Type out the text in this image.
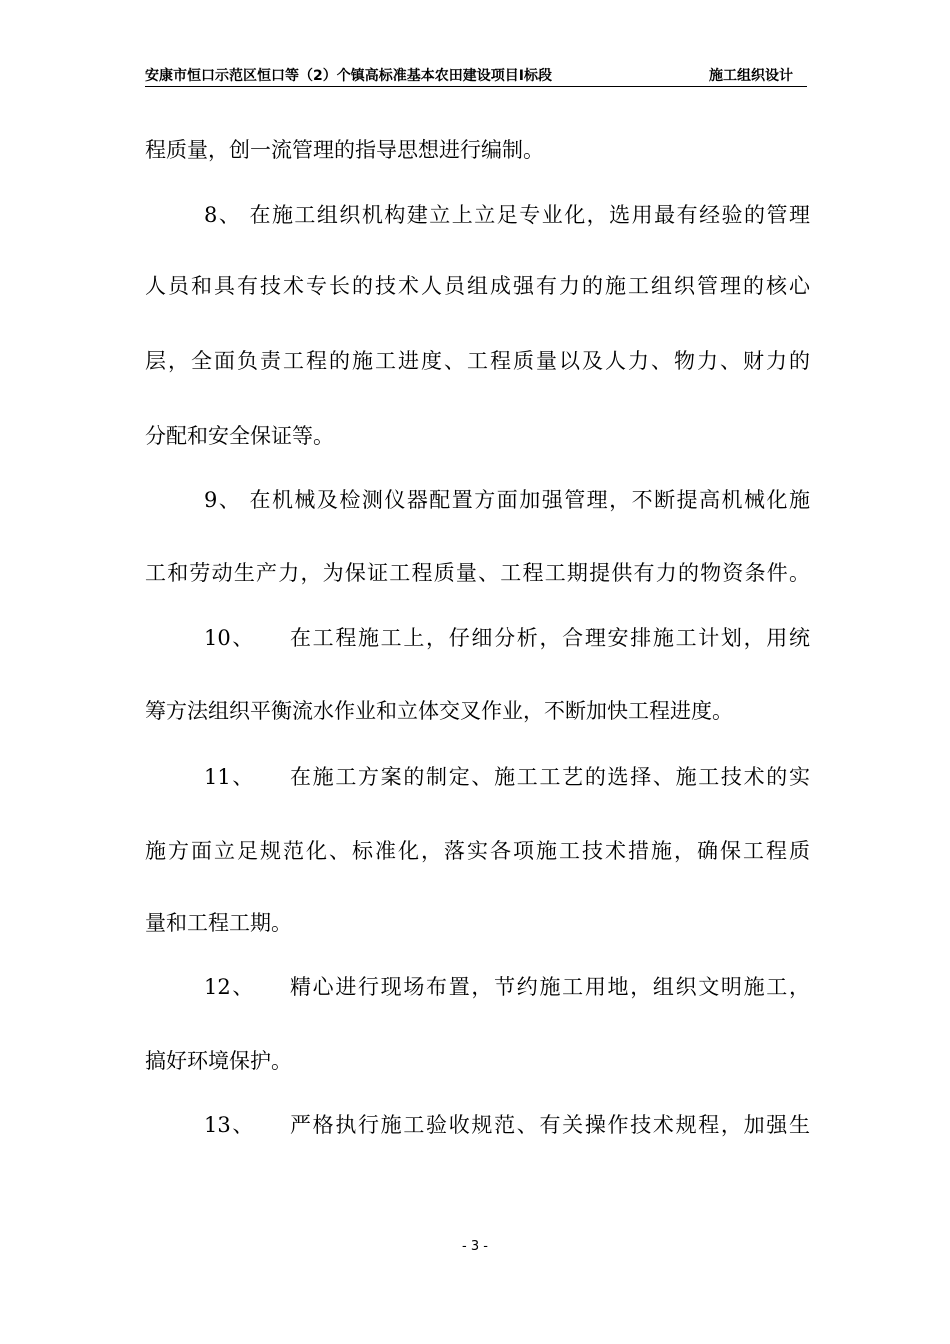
安康市恒口示范区恒口等（2）个镇高标准基本农田建设项目Ⅰ标段	施工组织设计
程质量，创一流管理的指导思想进行编制。
8、 在施工组织机构建立上立足专业化，选用最有经验的管理
人员和具有技术专长的技术人员组成强有力的施工组织管理的核心
层，全面负责工程的施工进度、工程质量以及人力、物力、财力的
分配和安全保证等。
9、 在机械及检测仪器配置方面加强管理，不断提高机械化施
工和劳动生产力，为保证工程质量、工程工期提供有力的物资条件。
10、　　在工程施工上，仔细分析，合理安排施工计划，用统
筹方法组织平衡流水作业和立体交叉作业，不断加快工程进度。
11、　　在施工方案的制定、施工工艺的选择、施工技术的实
施方面立足规范化、标准化，落实各项施工技术措施，确保工程质
量和工程工期。
12、　　精心进行现场布置，节约施工用地，组织文明施工，
搞好环境保护。
13、　　严格执行施工验收规范、有关操作技术规程，加强生
- 3 -
